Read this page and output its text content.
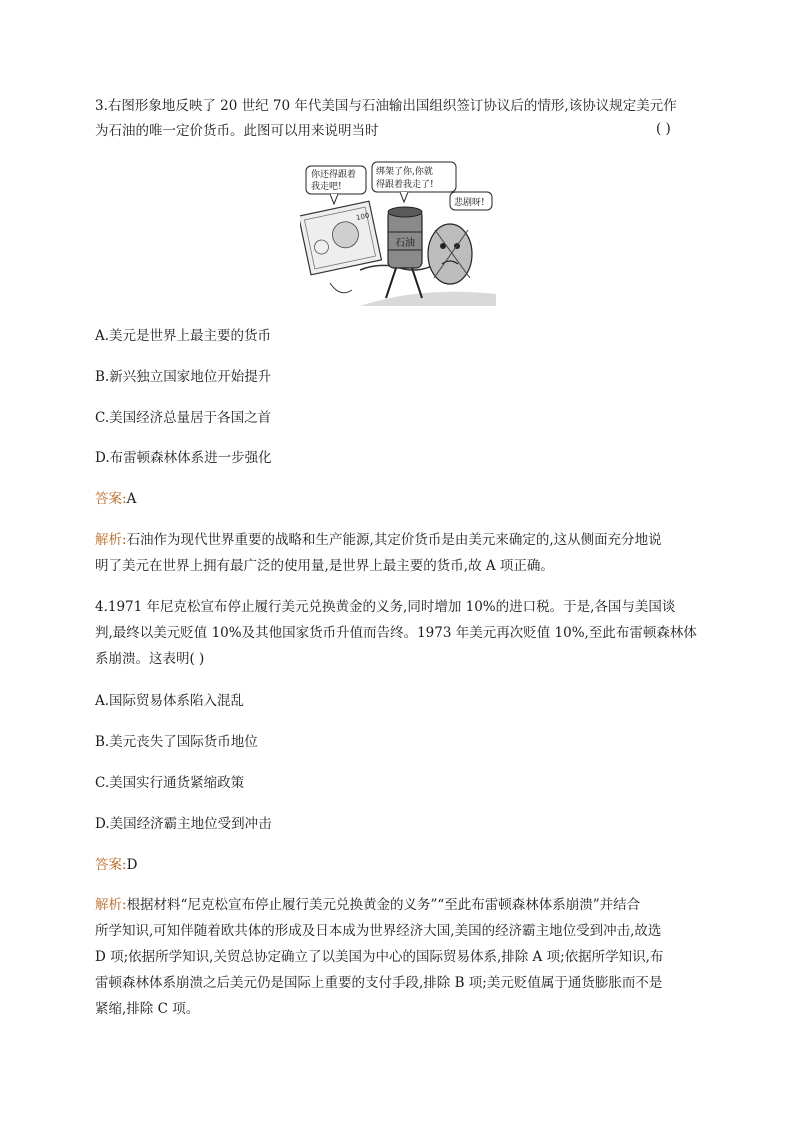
3.右图形象地反映了 20 世纪 70 年代美国与石油输出国组织签订协议后的情形,该协议规定美元作
为石油的唯一定价货币。此图可以用来说明当时	( )
100
石油
你还得跟着
我走吧!
绑架了你,你就
得跟着我走了!
悲剧呀!
A.美元是世界上最主要的货币
B.新兴独立国家地位开始提升
C.美国经济总量居于各国之首
D.布雷顿森林体系进一步强化
答案:A
解析:石油作为现代世界重要的战略和生产能源,其定价货币是由美元来确定的,这从侧面充分地说
明了美元在世界上拥有最广泛的使用量,是世界上最主要的货币,故 A 项正确。
4.1971 年尼克松宣布停止履行美元兑换黄金的义务,同时增加 10%的进口税。于是,各国与美国谈
判,最终以美元贬值 10%及其他国家货币升值而告终。1973 年美元再次贬值 10%,至此布雷顿森林体
系崩溃。这表明( )
A.国际贸易体系陷入混乱
B.美元丧失了国际货币地位
C.美国实行通货紧缩政策
D.美国经济霸主地位受到冲击
答案:D
解析:根据材料“尼克松宣布停止履行美元兑换黄金的义务”“至此布雷顿森林体系崩溃”并结合
所学知识,可知伴随着欧共体的形成及日本成为世界经济大国,美国的经济霸主地位受到冲击,故选
D 项;依据所学知识,关贸总协定确立了以美国为中心的国际贸易体系,排除 A 项;依据所学知识,布
雷顿森林体系崩溃之后美元仍是国际上重要的支付手段,排除 B 项;美元贬值属于通货膨胀而不是
紧缩,排除 C 项。
